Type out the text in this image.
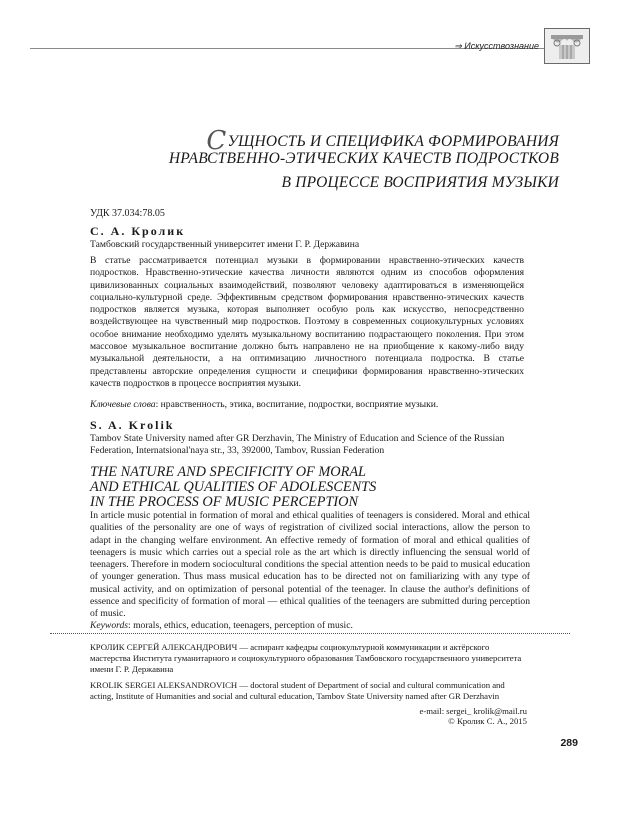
⇒ Искусствознание
СУЩНОСТЬ И СПЕЦИФИКА ФОРМИРОВАНИЯ
НРАВСТВЕННО-ЭТИЧЕСКИХ КАЧЕСТВ ПОДРОСТКОВ
В ПРОЦЕССЕ ВОСПРИЯТИЯ МУЗЫКИ
УДК 37.034:78.05
С. А. Кролик
Тамбовский государственный университет имени Г. Р. Державина

В статье рассматривается потенциал музыки в формировании нравственно-этических качеств подростков. Нравственно-этические качества личности являются одним из способов оформления цивилизованных социальных взаимодействий, позволяют человеку адаптироваться в изменяющейся социально-культурной среде. Эффективным средством формирования нравственно-этических качеств подростков является музыка, которая выполняет особую роль как искусство, непосредственно воздействующее на чувственный мир подростков. Поэтому в современных социокультурных условиях особое внимание необходимо уделять музыкальному воспитанию подрастающего поколения. При этом массовое музыкальное воспитание должно быть направлено не на приобщение к какому-либо виду музыкальной деятельности, а на оптимизацию личностного потенциала подростка. В статье представлены авторские определения сущности и специфики формирования нравственно-этических качеств подростков в процессе восприятия музыки.

Ключевые слова: нравственность, этика, воспитание, подростки, восприятие музыки.
S. A. Krolik
Tambov State University named after GR Derzhavin, The Ministry of Education and Science of the Russian Federation, Internatsional'naya str., 33, 392000, Tambov, Russian Federation
THE NATURE AND SPECIFICITY OF MORAL
AND ETHICAL QUALITIES OF ADOLESCENTS
IN THE PROCESS OF MUSIC PERCEPTION

In article music potential in formation of moral and ethical qualities of teenagers is considered. Moral and ethical qualities of the personality are one of ways of registration of civilized social interactions, allow the person to adapt in the changing welfare environment. An effective remedy of formation of moral and ethical qualities of teenagers is music which carries out a special role as the art which is directly influencing the sensual world of teenagers. Therefore in modern sociocultural conditions the special attention needs to be paid to musical education of younger generation. Thus mass musical education has to be directed not on familiarizing with any type of musical activity, and on optimization of personal potential of the teenager. In clause the author's definitions of essence and specificity of formation of moral — ethical qualities of the teenagers are submitted during perception of music.

Keywords: morals, ethics, education, teenagers, perception of music.
КРОЛИК СЕРГЕЙ АЛЕКСАНДРОВИЧ — аспирант кафедры социокультурной коммуникации и актёрского мастерства Института гуманитарного и социокультурного образования Тамбовского государственного университета имени Г. Р. Державина
KROLIK SERGEI ALEKSANDROVICH — doctoral student of Department of social and cultural communication and acting, Institute of Humanities and social and cultural education, Tambov State University named after GR Derzhavin
e-mail: sergei_ krolik@mail.ru
© Кролик С. А., 2015
289
